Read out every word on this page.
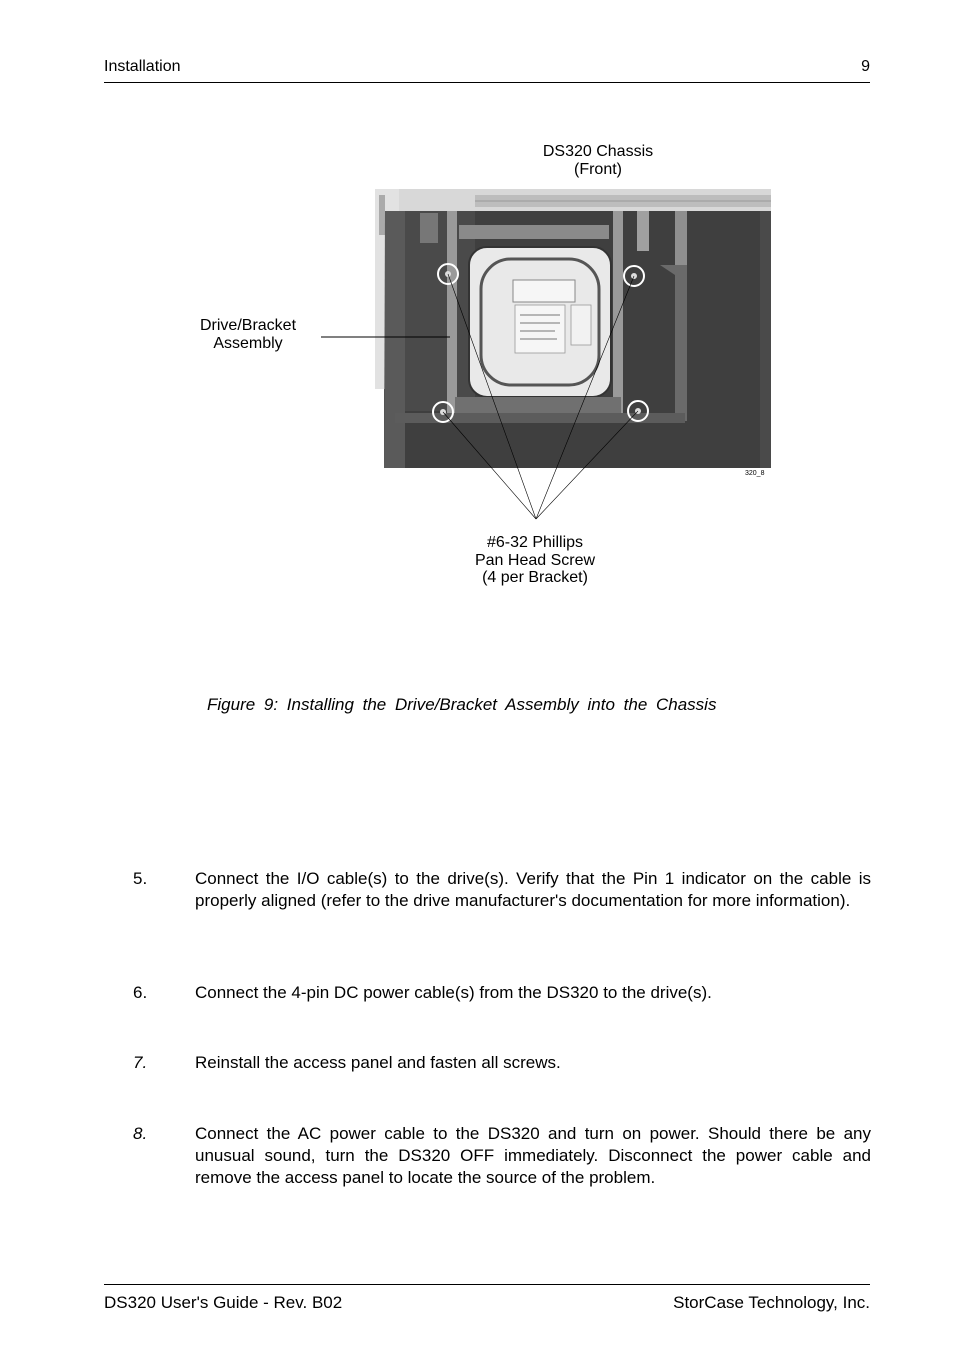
Installation	9
DS320 Chassis
(Front)
Drive/Bracket
Assembly
#6-32 Phillips
Pan Head Screw
(4 per Bracket)
320_8
Figure 9: Installing the Drive/Bracket Assembly into the Chassis
5.	Connect the I/O cable(s) to the drive(s). Verify that the Pin 1 indicator on the cable is properly aligned (refer to the drive manufacturer's documentation for more information).
6.	Connect the 4-pin DC power cable(s) from the DS320 to the drive(s).
7.	Reinstall the access panel and fasten all screws.
8.	Connect the AC power cable to the DS320 and turn on power. Should there be any unusual sound, turn the DS320 OFF immediately. Disconnect the power cable and remove the access panel to locate the source of the problem.
DS320 User's Guide - Rev. B02	StorCase Technology, Inc.
